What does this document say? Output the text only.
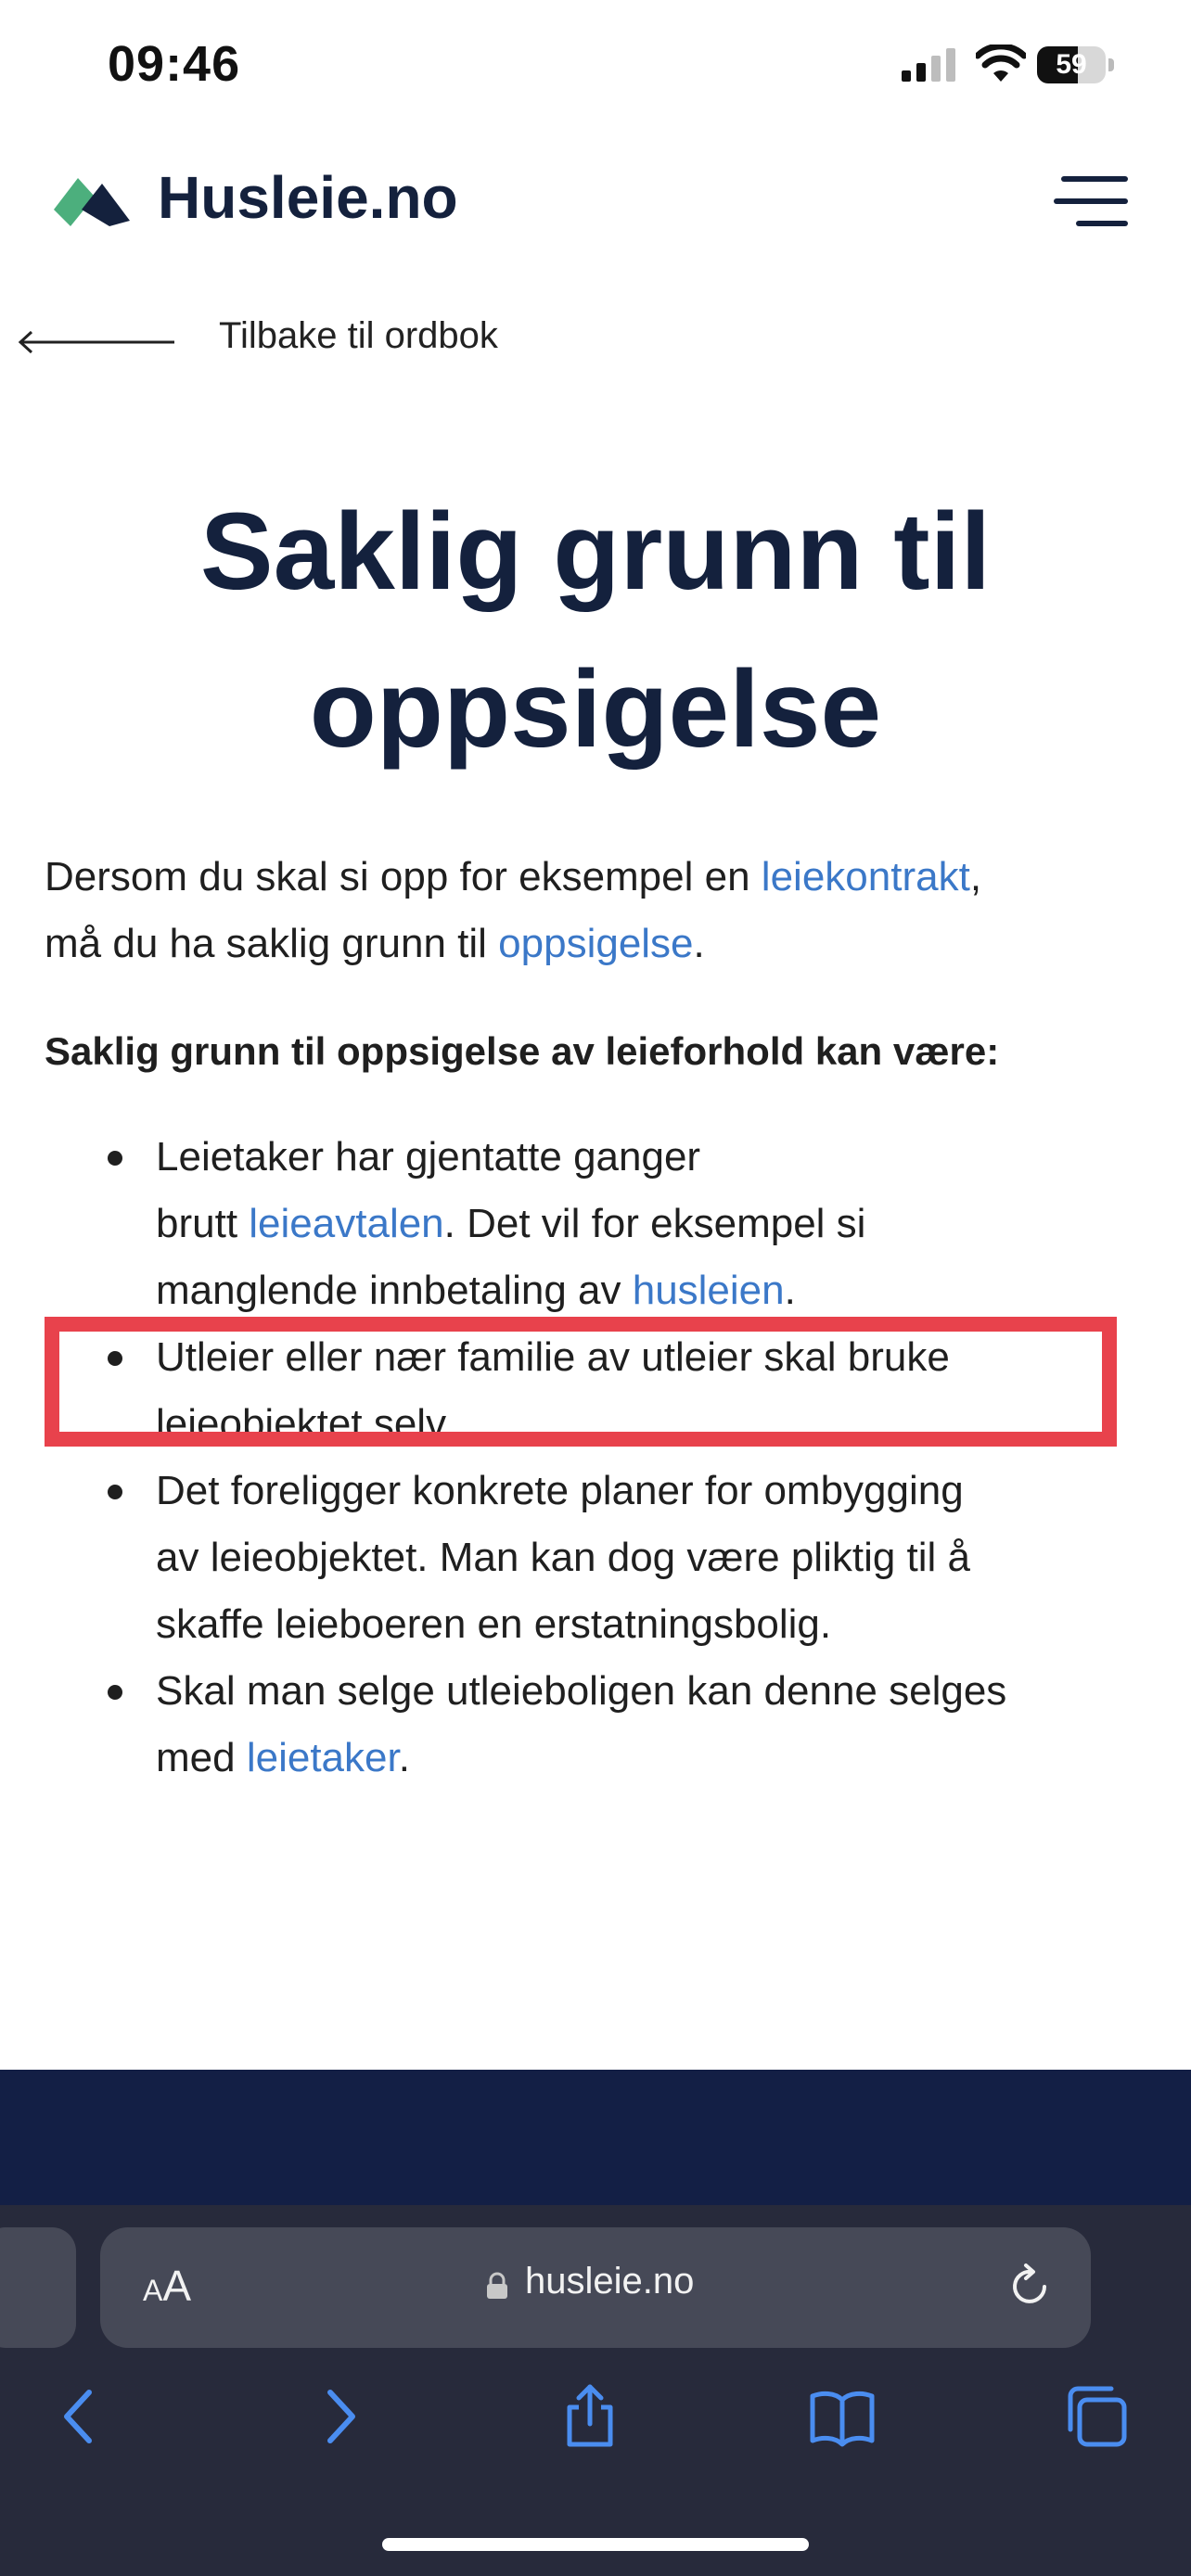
09:46	59
Husleie.no
Tilbake til ordbok
Saklig grunn til
oppsigelse

Dersom du skal si opp for eksempel en leiekontrakt,
må du ha saklig grunn til oppsigelse.

Saklig grunn til oppsigelse av leieforhold kan være:

Leietaker har gjentatte ganger
brutt leieavtalen. Det vil for eksempel si
manglende innbetaling av husleien.
Utleier eller nær familie av utleier skal bruke
leieobjektet selv
Det foreligger konkrete planer for ombygging
av leieobjektet. Man kan dog være pliktig til å
skaffe leieboeren en erstatningsbolig.
Skal man selge utleieboligen kan denne selges
med leietaker.
AA	husleie.no
